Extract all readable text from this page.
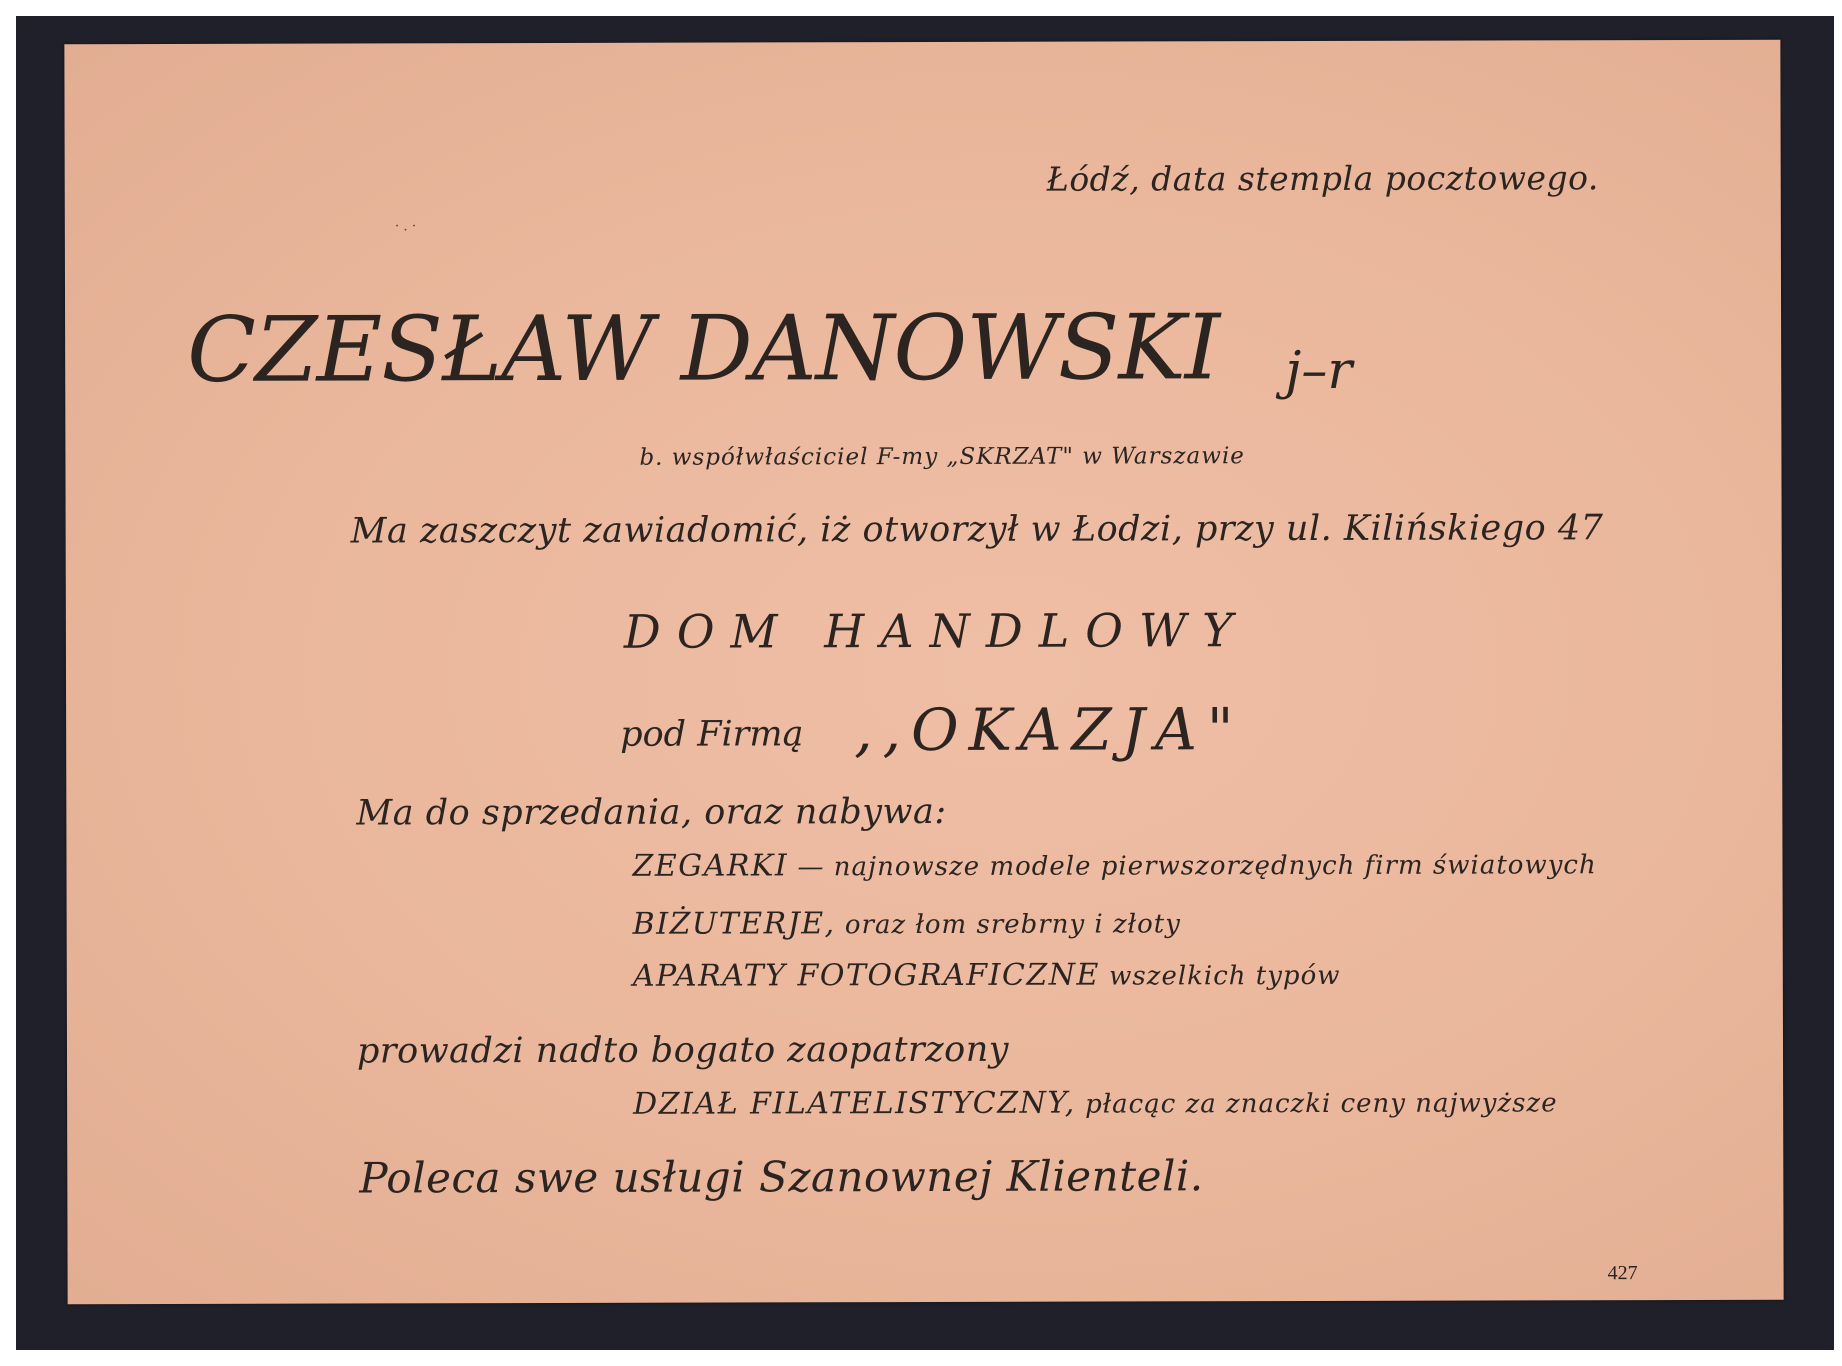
·.·
Łódź, data stempla pocztowego.
CZESŁAW DANOWSKI j–r
b. współwłaściciel F-my „SKRZAT" w Warszawie
Ma zaszczyt zawiadomić, iż otworzył w Łodzi, przy ul. Kilińskiego 47
DOM HANDLOWY
pod Firmą ,,OKAZJA"
Ma do sprzedania, oraz nabywa:
ZEGARKI — najnowsze modele pierwszorzędnych firm światowych
BIŻUTERJE, oraz łom srebrny i złoty
APARATY FOTOGRAFICZNE wszelkich typów
prowadzi nadto bogato zaopatrzony
DZIAŁ FILATELISTYCZNY, płacąc za znaczki ceny najwyższe
Poleca swe usługi Szanownej Klienteli.
427
